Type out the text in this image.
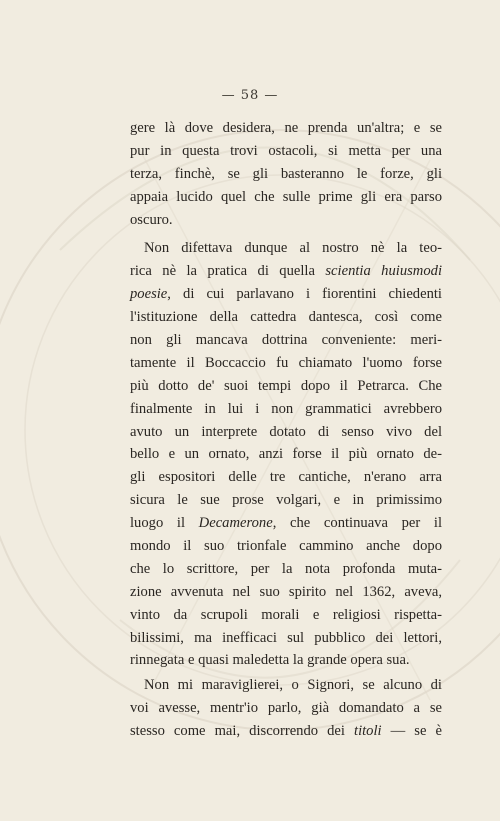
— 58 —
gere là dove desidera, ne prenda un'altra; e se
pur in questa trovi ostacoli, si metta per una
terza, finchè, se gli basteranno le forze, gli
appaia lucido quel che sulle prime gli era parso
oscuro.
Non difettava dunque al nostro nè la teo-
rica nè la pratica di quella scientia huiusmodi
poesie, di cui parlavano i fiorentini chiedenti
l'istituzione della cattedra dantesca, così come
non gli mancava dottrina conveniente: meri-
tamente il Boccaccio fu chiamato l'uomo forse
più dotto de' suoi tempi dopo il Petrarca. Che
finalmente in lui i non grammatici avrebbero
avuto un interprete dotato di senso vivo del
bello e un ornato, anzi forse il più ornato de-
gli espositori delle tre cantiche, n'erano arra
sicura le sue prose volgari, e in primissimo
luogo il Decamerone, che continuava per il
mondo il suo trionfale cammino anche dopo
che lo scrittore, per la nota profonda muta-
zione avvenuta nel suo spirito nel 1362, aveva,
vinto da scrupoli morali e religiosi rispetta-
bilissimi, ma inefficaci sul pubblico dei lettori,
rinnegata e quasi maledetta la grande opera sua.
Non mi maraviglierei, o Signori, se alcuno di
voi avesse, mentr'io parlo, già domandato a se
stesso come mai, discorrendo dei titoli — se è
